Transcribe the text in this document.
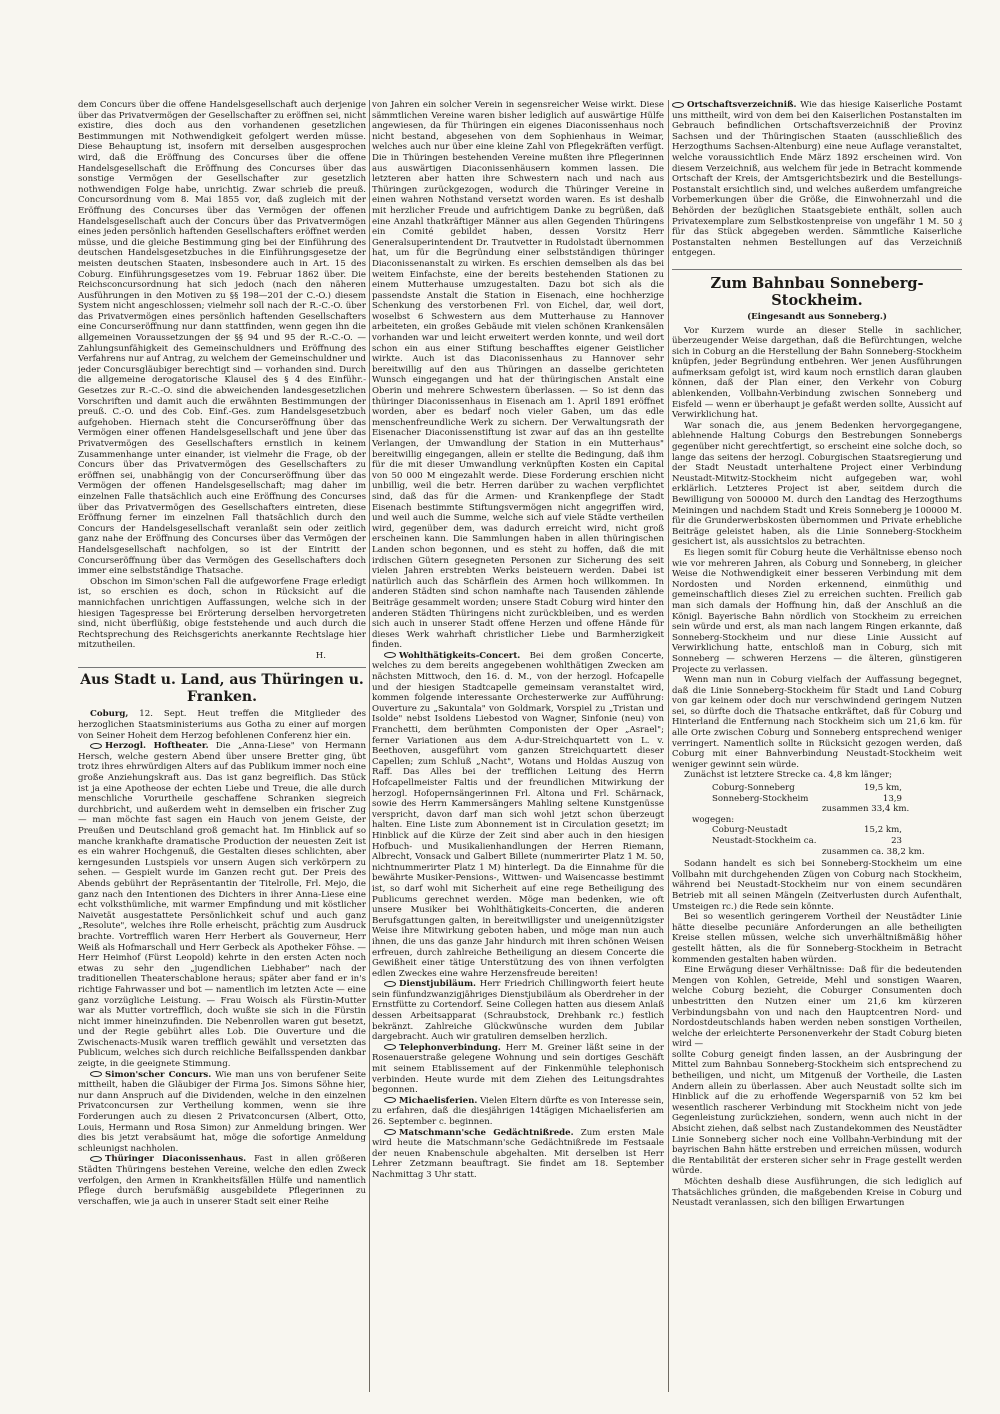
dem Concurs über die offene Handelsgesellschaft auch derjenige über das Privatvermögen der Gesellschafter zu eröffnen sei, nicht existire, dies doch aus den vorhandenen gesetzlichen Bestimmungen mit Nothwendigkeit gefolgert werden müsse. Diese Behauptung ist, insofern mit derselben ausgesprochen wird, daß die Eröffnung des Concurses über die offene Handelsgesellschaft die Eröffnung des Concurses über das sonstige Vermögen der Gesellschafter zur gesetzlich nothwendigen Folge habe, unrichtig. Zwar schrieb die preuß. Concursordnung vom 8. Mai 1855 vor, daß zugleich mit der Eröffnung des Concurses über das Vermögen der offenen Handelsgesellschaft auch der Concurs über das Privatvermögen eines jeden persönlich haftenden Gesellschafters eröffnet werden müsse, und die gleiche Bestimmung ging bei der Einführung des deutschen Handelsgesetzbuches in die Einführungsgesetze der meisten deutschen Staaten, insbesondere auch in Art. 15 des Coburg. Einführungsgesetzes vom 19. Februar 1862 über. Die Reichsconcursordnung hat sich jedoch (nach den näheren Ausführungen in den Motiven zu §§ 198—201 der C.-O.) diesem System nicht angeschlossen; vielmehr soll nach der R.-C.-O. über das Privatvermögen eines persönlich haftenden Gesellschafters eine Concurseröffnung nur dann stattfinden, wenn gegen ihn die allgemeinen Voraussetzungen der §§ 94 und 95 der R.-C.-O. — Zahlungsunfähigkeit des Gemeinschuldners und Eröffnung des Verfahrens nur auf Antrag, zu welchem der Gemeinschuldner und jeder Concursgläubiger berechtigt sind — vorhanden sind. Durch die allgemeine derogatorische Klausel des § 4 des Einführ.-Gesetzes zur R.-C.-O. sind die abweichenden landesgesetzlichen Vorschriften und damit auch die erwähnten Bestimmungen der preuß. C.-O. und des Cob. Einf.-Ges. zum Handelsgesetzbuch aufgehoben. Hiernach steht die Concurseröffnung über das Vermögen einer offenen Handelsgesellschaft und jene über das Privatvermögen des Gesellschafters ernstlich in keinem Zusammenhange unter einander, ist vielmehr die Frage, ob der Concurs über das Privatvermögen des Gesellschafters zu eröffnen sei, unabhängig von der Concurseröffnung über das Vermögen der offenen Handelsgesellschaft; mag daher im einzelnen Falle thatsächlich auch eine Eröffnung des Concurses über das Privatvermögen des Gesellschafters eintreten, diese Eröffnung ferner im einzelnen Fall thatsächlich durch den Concurs der Handelsgesellschaft veranlaßt sein oder zeitlich ganz nahe der Eröffnung des Concurses über das Vermögen der Handelsgesellschaft nachfolgen, so ist der Eintritt der Concurseröffnung über das Vermögen des Gesellschafters doch immer eine selbstständige Thatsache.

Obschon im Simon'schen Fall die aufgeworfene Frage erledigt ist, so erschien es doch, schon in Rücksicht auf die mannichfachen unrichtigen Auffassungen, welche sich in der hiesigen Tagespresse bei Erörterung derselben hervorgetreten sind, nicht überflüßig, obige feststehende und auch durch die Rechtsprechung des Reichsgerichts anerkannte Rechtslage hier mitzutheilen.

H.
Aus Stadt u. Land, aus Thüringen u. Franken.

Coburg, 12. Sept. Heut treffen die Mitglieder des herzoglichen Staatsministeriums aus Gotha zu einer auf morgen von Seiner Hoheit dem Herzog befohlenen Conferenz hier ein.

Herzogl. Hoftheater. Die „Anna-Liese" von Hermann Hersch, welche gestern Abend über unsere Bretter ging, übt trotz ihres ehrwürdigen Alters auf das Publikum immer noch eine große Anziehungskraft aus. Das ist ganz begreiflich. Das Stück ist ja eine Apotheose der echten Liebe und Treue, die alle durch menschliche Vorurtheile geschaffene Schranken siegreich durchbricht, und außerdem weht in demselben ein frischer Zug — man möchte fast sagen ein Hauch von jenem Geiste, der Preußen und Deutschland groß gemacht hat. Im Hinblick auf so manche krankhafte dramatische Production der neuesten Zeit ist es ein wahrer Hochgenuß, die Gestalten dieses schlichten, aber kerngesunden Lustspiels vor unsern Augen sich verkörpern zu sehen. — Gespielt wurde im Ganzen recht gut. Der Preis des Abends gebührt der Repräsentantin der Titelrolle, Frl. Mejo, die ganz nach den Intentionen des Dichters in ihrer Anna-Liese eine echt volksthümliche, mit warmer Empfindung und mit köstlicher Naivetät ausgestattete Persönlichkeit schuf und auch ganz „Resolute", welches ihre Rolle erheischt, prächtig zum Ausdruck brachte. Vortrefflich waren Herr Herbert als Gouverneur, Herr Weiß als Hofmarschall und Herr Gerbeck als Apotheker Föhse. — Herr Heimhof (Fürst Leopold) kehrte in den ersten Acten noch etwas zu sehr den „jugendlichen Liebhaber" nach der traditionellen Theaterschablone heraus; später aber fand er in's richtige Fahrwasser und bot — namentlich im letzten Acte — eine ganz vorzügliche Leistung. — Frau Woisch als Fürstin-Mutter war als Mutter vortrefflich, doch wußte sie sich in die Fürstin nicht immer hineinzufinden. Die Nebenrollen waren gut besetzt, und der Regie gebührt alles Lob. Die Ouverture und die Zwischenacts-Musik waren trefflich gewählt und versetzten das Publicum, welches sich durch reichliche Beifallsspenden dankbar zeigte, in die geeignete Stimmung.

Simon'scher Concurs. Wie man uns von berufener Seite mittheilt, haben die Gläubiger der Firma Jos. Simons Söhne hier, nur dann Anspruch auf die Dividenden, welche in den einzelnen Privatconcursen zur Vertheilung kommen, wenn sie ihre Forderungen auch zu diesen 2 Privatconcursen (Albert, Otto, Louis, Hermann und Rosa Simon) zur Anmeldung bringen. Wer dies bis jetzt verabsäumt hat, möge die sofortige Anmeldung schleunigst nachholen.

Thüringer Diaconissenhaus. Fast in allen größeren Städten Thüringens bestehen Vereine, welche den edlen Zweck verfolgen, den Armen in Krankheitsfällen Hülfe und namentlich Pflege durch berufsmäßig ausgebildete Pflegerinnen zu verschaffen, wie ja auch in unserer Stadt seit einer Reihe

von Jahren ein solcher Verein in segensreicher Weise wirkt. Diese sämmtlichen Vereine waren bisher lediglich auf auswärtige Hülfe angewiesen, da für Thüringen ein eigenes Diaconissenhaus noch nicht bestand, abgesehen von dem Sophienhaus in Weimar, welches auch nur über eine kleine Zahl von Pflegekräften verfügt. Die in Thüringen bestehenden Vereine mußten ihre Pflegerinnen aus auswärtigen Diaconissenhäusern kommen lassen. Die letzteren aber hatten ihre Schwestern nach und nach aus Thüringen zurückgezogen, wodurch die Thüringer Vereine in einen wahren Nothstand versetzt worden waren. Es ist deshalb mit herzlicher Freude und aufrichtigem Danke zu begrüßen, daß eine Anzahl thatkräftiger Männer aus allen Gegenden Thüringens ein Comité gebildet haben, dessen Vorsitz Herr Generalsuperintendent Dr. Trautvetter in Rudolstadt übernommen hat, um für die Begründung einer selbstständigen thüringer Diaconissenanstalt zu wirken. Es erschien demselben als das bei weitem Einfachste, eine der bereits bestehenden Stationen zu einem Mutterhause umzugestalten. Dazu bot sich als die passendste Anstalt die Station in Eisenach, eine hochherzige Schenkung des verstorbenen Frl. von Eichel, dar, weil dort, woselbst 6 Schwestern aus dem Mutterhause zu Hannover arbeiteten, ein großes Gebäude mit vielen schönen Krankensälen vorhanden war und leicht erweitert werden konnte, und weil dort schon ein aus einer Stiftung beschafftes eigener Geistlicher wirkte. Auch ist das Diaconissenhaus zu Hannover sehr bereitwillig auf den aus Thüringen an dasselbe gerichteten Wunsch eingegangen und hat der thüringischen Anstalt eine Oberin und mehrere Schwestern überlassen. — So ist denn das thüringer Diaconissenhaus in Eisenach am 1. April 1891 eröffnet worden, aber es bedarf noch vieler Gaben, um das edle menschenfreundliche Werk zu sichern. Der Verwaltungsrath der Eisenacher Diaconissenstiftung ist zwar auf das an ihn gestellte Verlangen, der Umwandlung der Station in ein Mutterhaus" bereitwillig eingegangen, allein er stellte die Bedingung, daß ihm für die mit dieser Umwandlung verknüpften Kosten ein Capital von 50 000 M eingezahlt werde. Diese Forderung erschien nicht unbillig, weil die betr. Herren darüber zu wachen verpflichtet sind, daß das für die Armen- und Krankenpflege der Stadt Eisenach bestimmte Stiftungsvermögen nicht angegriffen wird, und weil auch die Summe, welche sich auf viele Städte vertheilen wird, gegenüber dem, was dadurch erreicht wird, nicht groß erscheinen kann. Die Sammlungen haben in allen thüringischen Landen schon begonnen, und es steht zu hoffen, daß die mit irdischen Gütern gesegneten Personen zur Sicherung des seit vielen Jahren erstrebten Werks beisteuern werden. Dabei ist natürlich auch das Schärflein des Armen hoch willkommen. In anderen Städten sind schon namhafte nach Tausenden zählende Beiträge gesammelt worden; unsere Stadt Coburg wird hinter den anderen Städten Thüringens nicht zurückbleiben, und es werden sich auch in unserer Stadt offene Herzen und offene Hände für dieses Werk wahrhaft christlicher Liebe und Barmherzigkeit finden.

Wohlthätigkeits-Concert. Bei dem großen Concerte, welches zu dem bereits angegebenen wohlthätigen Zwecken am nächsten Mittwoch, den 16. d. M., von der herzogl. Hofcapelle und der hiesigen Stadtcapelle gemeinsam veranstaltet wird, kommen folgende interessante Orchesterwerke zur Aufführung: Ouverture zu „Sakuntala" von Goldmark, Vorspiel zu „Tristan und Isolde" nebst Isoldens Liebestod von Wagner, Sinfonie (neu) von Franchetti, dem berühmten Componisten der Oper „Asrael"; ferner Variationen aus dem A-dur-Streichquartett von L. v. Beethoven, ausgeführt vom ganzen Streichquartett dieser Capellen; zum Schluß „Nacht", Wotans und Holdas Auszug von Raff. Das Alles bei der trefflichen Leitung des Herrn Hofcapellmeister Faltis und der freundlichen Mitwirkung der herzogl. Hofopernsängerinnen Frl. Altona und Frl. Schärnack, sowie des Herrn Kammersängers Mahling seltene Kunstgenüsse verspricht, davon darf man sich wohl jetzt schon überzeugt halten. Eine Liste zum Abonnement ist in Circulation gesetzt; im Hinblick auf die Kürze der Zeit sind aber auch in den hiesigen Hofbuch- und Musikalienhandlungen der Herren Riemann, Albrecht, Vonsack und Galbert Billete (nummerirter Platz 1 M. 50, nichtnummerirter Platz 1 M) hinterlegt. Da die Einnahme für die bewährte Musiker-Pensions-, Wittwen- und Waisencasse bestimmt ist, so darf wohl mit Sicherheit auf eine rege Betheiligung des Publicums gerechnet werden. Möge man bedenken, wie oft unsere Musiker bei Wohlthätigkeits-Concerten, die anderen Berufsgattungen galten, in bereitwilligster und uneigennützigster Weise ihre Mitwirkung geboten haben, und möge man nun auch ihnen, die uns das ganze Jahr hindurch mit ihren schönen Weisen erfreuen, durch zahlreiche Betheiligung an diesem Concerte die Gewißheit einer tätige Unterstützung des von ihnen verfolgten edlen Zweckes eine wahre Herzensfreude bereiten!

Dienstjubiläum. Herr Friedrich Chillingworth feiert heute sein fünfundzwanzigjähriges Dienstjubiläum als Oberdreher in der Ernstfütte zu Cortendorf. Seine Collegen hatten aus diesem Anlaß dessen Arbeitsapparat (Schraubstock, Drehbank rc.) festlich bekränzt. Zahlreiche Glückwünsche wurden dem Jubilar dargebracht. Auch wir gratuliren demselben herzlich.

Telephonverbindung. Herr M. Greiner läßt seine in der Rosenauerstraße gelegene Wohnung und sein dortiges Geschäft mit seinem Etablissement auf der Finkenmühle telephonisch verbinden. Heute wurde mit dem Ziehen des Leitungsdrahtes begonnen.

Michaelisferien. Vielen Eltern dürfte es von Interesse sein, zu erfahren, daß die diesjährigen 14tägigen Michaelisferien am 26. September c. beginnen.

Matschmann'sche Gedächtnißrede. Zum ersten Male wird heute die Matschmann'sche Gedächtnißrede im Festsaale der neuen Knabenschule abgehalten. Mit derselben ist Herr Lehrer Zetzmann beauftragt. Sie findet am 18. September Nachmittag 3 Uhr statt.

Ortschaftsverzeichniß. Wie das hiesige Kaiserliche Postamt uns mittheilt, wird von dem bei den Kaiserlichen Postanstalten im Gebrauch befindlichen Ortschaftsverzeichniß der Provinz Sachsen und der Thüringischen Staaten (ausschließlich des Herzogthums Sachsen-Altenburg) eine neue Auflage veranstaltet, welche voraussichtlich Ende März 1892 erscheinen wird. Von diesem Verzeichniß, aus welchem für jede in Betracht kommende Ortschaft der Kreis, der Amtsgerichtsbezirk und die Bestellungs-Postanstalt ersichtlich sind, und welches außerdem umfangreiche Vorbemerkungen über die Größe, die Einwohnerzahl und die Behörden der bezüglichen Staatsgebiete enthält, sollen auch Privatexemplare zum Selbstkostenpreise von ungefähr 1 M. 50 ₰ für das Stück abgegeben werden. Sämmtliche Kaiserliche Postanstalten nehmen Bestellungen auf das Verzeichniß entgegen.

Zum Bahnbau Sonneberg-Stockheim.
(Eingesandt aus Sonneberg.)

Vor Kurzem wurde an dieser Stelle in sachlicher, überzeugender Weise dargethan, daß die Befürchtungen, welche sich in Coburg an die Herstellung der Bahn Sonneberg-Stockheim knüpfen, jeder Begründung entbehren. Wer jenen Ausführungen aufmerksam gefolgt ist, wird kaum noch ernstlich daran glauben können, daß der Plan einer, den Verkehr von Coburg ablenkenden, Vollbahn-Verbindung zwischen Sonneberg und Eisfeld — wenn er überhaupt je gefaßt werden sollte, Aussicht auf Verwirklichung hat.

War sonach die, aus jenem Bedenken hervorgegangene, ablehnende Haltung Coburgs den Bestrebungen Sonnebergs gegenüber nicht gerechtfertigt, so erscheint eine solche doch, so lange das seitens der herzogl. Coburgischen Staatsregierung und der Stadt Neustadt unterhaltene Project einer Verbindung Neustadt-Mitwitz-Stockheim nicht aufgegeben war, wohl erklärlich. Letzteres Project ist aber, seitdem durch die Bewilligung von 500000 M. durch den Landtag des Herzogthums Meiningen und nachdem Stadt und Kreis Sonneberg je 100000 M. für die Grunderwerbskosten übernommen und Private erhebliche Beiträge geleistet haben, als die Linie Sonneberg-Stockheim gesichert ist, als aussichtslos zu betrachten.

Es liegen somit für Coburg heute die Verhältnisse ebenso noch wie vor mehreren Jahren, als Coburg und Sonneberg, in gleicher Weise die Nothwendigkeit einer besseren Verbindung mit dem Nordosten und Norden erkennend, einmüthig und gemeinschaftlich dieses Ziel zu erreichen suchten. Freilich gab man sich damals der Hoffnung hin, daß der Anschluß an die Königl. Bayerische Bahn nördlich von Stockheim zu erreichen sein würde und erst, als man nach langem Ringen erkannte, daß Sonneberg-Stockheim und nur diese Linie Aussicht auf Verwirklichung hatte, entschloß man in Coburg, sich mit Sonneberg — schweren Herzens — die älteren, günstigeren Projecte zu verlassen.

Wenn man nun in Coburg vielfach der Auffassung begegnet, daß die Linie Sonneberg-Stockheim für Stadt und Land Coburg von gar keinem oder doch nur verschwindend geringem Nutzen sei, so dürfte doch die Thatsache entkräftet, daß für Coburg und Hinterland die Entfernung nach Stockheim sich um 21,6 km. für alle Orte zwischen Coburg und Sonneberg entsprechend weniger verringert. Namentlich sollte in Rücksicht gezogen werden, daß Coburg mit einer Bahnverbindung Neustadt-Stockheim weit weniger gewinnt sein würde.

Zunächst ist letztere Strecke ca. 4,8 km länger;

Coburg-Sonneberg	19,5 km,
Sonneberg-Stockheim	13,9
zusammen 33,4 km.
wogegen:
Coburg-Neustadt	15,2 km,
Neustadt-Stockheim ca.	23
zusammen ca. 38,2 km.

Sodann handelt es sich bei Sonneberg-Stockheim um eine Vollbahn mit durchgehenden Zügen von Coburg nach Stockheim, während bei Neustadt-Stockheim nur von einem secundären Betrieb mit all seinen Mängeln (Zeitverlusten durch Aufenthalt, Umsteigen rc.) die Rede sein könnte.

Bei so wesentlich geringerem Vortheil der Neustädter Linie hätte dieselbe pecuniäre Anforderungen an alle betheiligten Kreise stellen müssen, welche sich unverhältnißmäßig höher gestellt hätten, als die für Sonneberg-Stockheim in Betracht kommenden gestalten haben würden.

Eine Erwägung dieser Verhältnisse: Daß für die bedeutenden Mengen von Kohlen, Getreide, Mehl und sonstigen Waaren, welche Coburg bezieht, die Coburger Consumenten doch unbestritten den Nutzen einer um 21,6 km kürzeren Verbindungsbahn von und nach den Hauptcentren Nord- und Nordostdeutschlands haben werden neben sonstigen Vortheilen, welche der erleichterte Personenverkehr der Stadt Coburg bieten wird —

sollte Coburg geneigt finden lassen, an der Ausbringung der Mittel zum Bahnbau Sonneberg-Stockheim sich entsprechend zu betheiligen, und nicht, um Mitgenuß der Vortheile, die Lasten Andern allein zu überlassen. Aber auch Neustadt sollte sich im Hinblick auf die zu erhoffende Wegersparniß von 52 km bei wesentlich rascherer Verbindung mit Stockheim nicht von jede Gegenleistung zurückziehen, sondern, wenn auch nicht in der Absicht ziehen, daß selbst nach Zustandekommen des Neustädter Linie Sonneberg sicher noch eine Vollbahn-Verbindung mit der bayrischen Bahn hätte erstreben und erreichen müssen, wodurch die Rentabilität der ersteren sicher sehr in Frage gestellt werden würde.

Möchten deshalb diese Ausführungen, die sich lediglich auf Thatsächliches gründen, die maßgebenden Kreise in Coburg und Neustadt veranlassen, sich den billigen Erwartungen
